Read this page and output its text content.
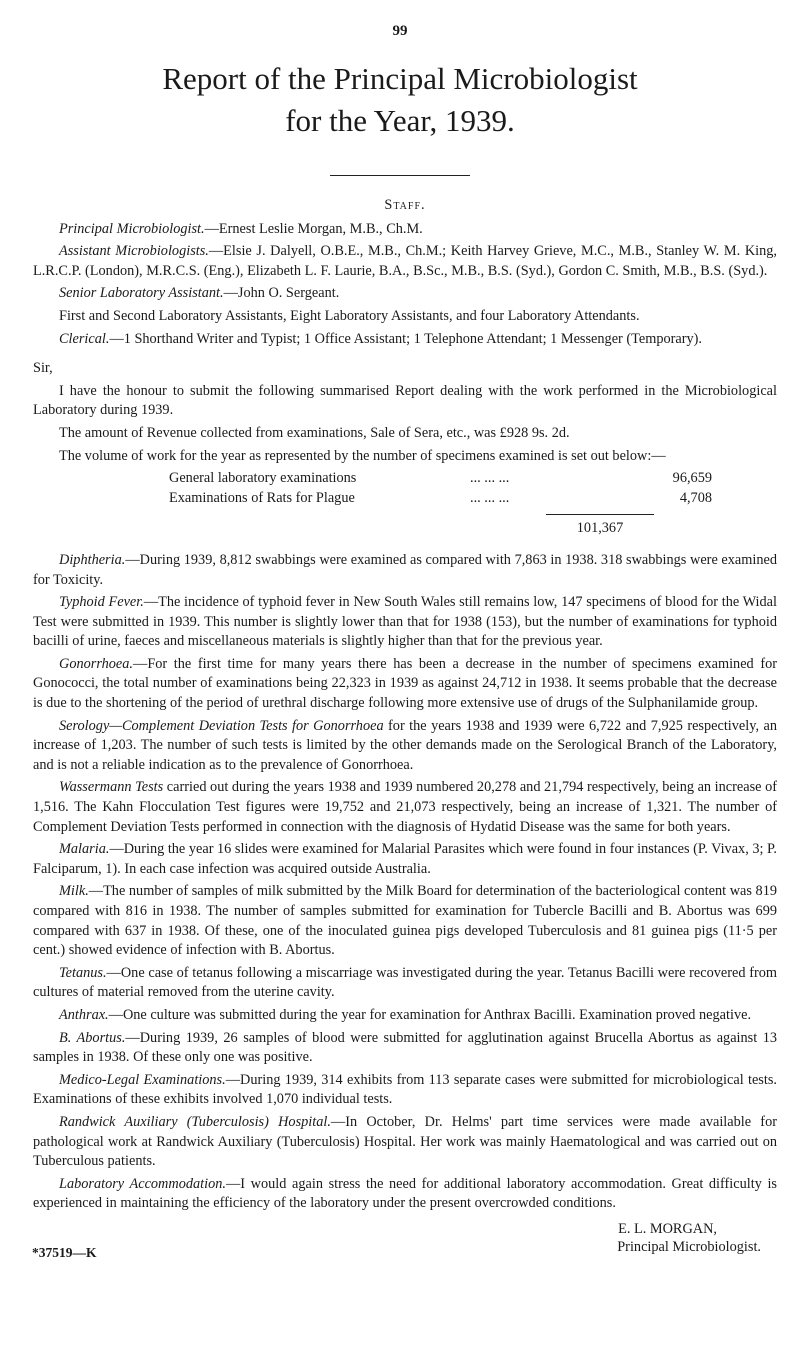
99
Report of the Principal Microbiologist
for the Year, 1939.
Staff.

Principal Microbiologist.—Ernest Leslie Morgan, M.B., Ch.M.

Assistant Microbiologists.—Elsie J. Dalyell, O.B.E., M.B., Ch.M.; Keith Harvey Grieve, M.C., M.B., Stanley W. M. King, L.R.C.P. (London), M.R.C.S. (Eng.), Elizabeth L. F. Laurie, B.A., B.Sc., M.B., B.S. (Syd.), Gordon C. Smith, M.B., B.S. (Syd.).

Senior Laboratory Assistant.—John O. Sergeant.

First and Second Laboratory Assistants, Eight Laboratory Assistants, and four Laboratory Attendants.

Clerical.—1 Shorthand Writer and Typist; 1 Office Assistant; 1 Telephone Attendant; 1 Messenger (Temporary).

Sir,

I have the honour to submit the following summarised Report dealing with the work performed in the Microbiological Laboratory during 1939.

The amount of Revenue collected from examinations, Sale of Sera, etc., was £928 9s. 2d.

The volume of work for the year as represented by the number of specimens examined is set out below:—

General laboratory examinations	... ... ...	96,659
Examinations of Rats for Plague	... ... ...	4,708
101,367

Diphtheria.—During 1939, 8,812 swabbings were examined as compared with 7,863 in 1938. 318 swabbings were examined for Toxicity.

Typhoid Fever.—The incidence of typhoid fever in New South Wales still remains low, 147 specimens of blood for the Widal Test were submitted in 1939. This number is slightly lower than that for 1938 (153), but the number of examinations for typhoid bacilli of urine, faeces and miscellaneous materials is slightly higher than that for the previous year.

Gonorrhoea.—For the first time for many years there has been a decrease in the number of specimens examined for Gonococci, the total number of examinations being 22,323 in 1939 as against 24,712 in 1938. It seems probable that the decrease is due to the shortening of the period of urethral discharge following more extensive use of drugs of the Sulphanilamide group.

Serology—Complement Deviation Tests for Gonorrhoea for the years 1938 and 1939 were 6,722 and 7,925 respectively, an increase of 1,203. The number of such tests is limited by the other demands made on the Serological Branch of the Laboratory, and is not a reliable indication as to the prevalence of Gonorrhoea.

Wassermann Tests carried out during the years 1938 and 1939 numbered 20,278 and 21,794 respectively, being an increase of 1,516. The Kahn Flocculation Test figures were 19,752 and 21,073 respectively, being an increase of 1,321. The number of Complement Deviation Tests performed in connection with the diagnosis of Hydatid Disease was the same for both years.

Malaria.—During the year 16 slides were examined for Malarial Parasites which were found in four instances (P. Vivax, 3; P. Falciparum, 1). In each case infection was acquired outside Australia.

Milk.—The number of samples of milk submitted by the Milk Board for determination of the bacteriological content was 819 compared with 816 in 1938. The number of samples submitted for examination for Tubercle Bacilli and B. Abortus was 699 compared with 637 in 1938. Of these, one of the inoculated guinea pigs developed Tuberculosis and 81 guinea pigs (11·5 per cent.) showed evidence of infection with B. Abortus.

Tetanus.—One case of tetanus following a miscarriage was investigated during the year. Tetanus Bacilli were recovered from cultures of material removed from the uterine cavity.

Anthrax.—One culture was submitted during the year for examination for Anthrax Bacilli. Examination proved negative.

B. Abortus.—During 1939, 26 samples of blood were submitted for agglutination against Brucella Abortus as against 13 samples in 1938. Of these only one was positive.

Medico-Legal Examinations.—During 1939, 314 exhibits from 113 separate cases were submitted for microbiological tests. Examinations of these exhibits involved 1,070 individual tests.

Randwick Auxiliary (Tuberculosis) Hospital.—In October, Dr. Helms' part time services were made available for pathological work at Randwick Auxiliary (Tuberculosis) Hospital. Her work was mainly Haematological and was carried out on Tuberculous patients.

Laboratory Accommodation.—I would again stress the need for additional laboratory accommodation. Great difficulty is experienced in maintaining the efficiency of the laboratory under the present overcrowded conditions.

E. L. MORGAN,
Principal Microbiologist.
*37519—K
